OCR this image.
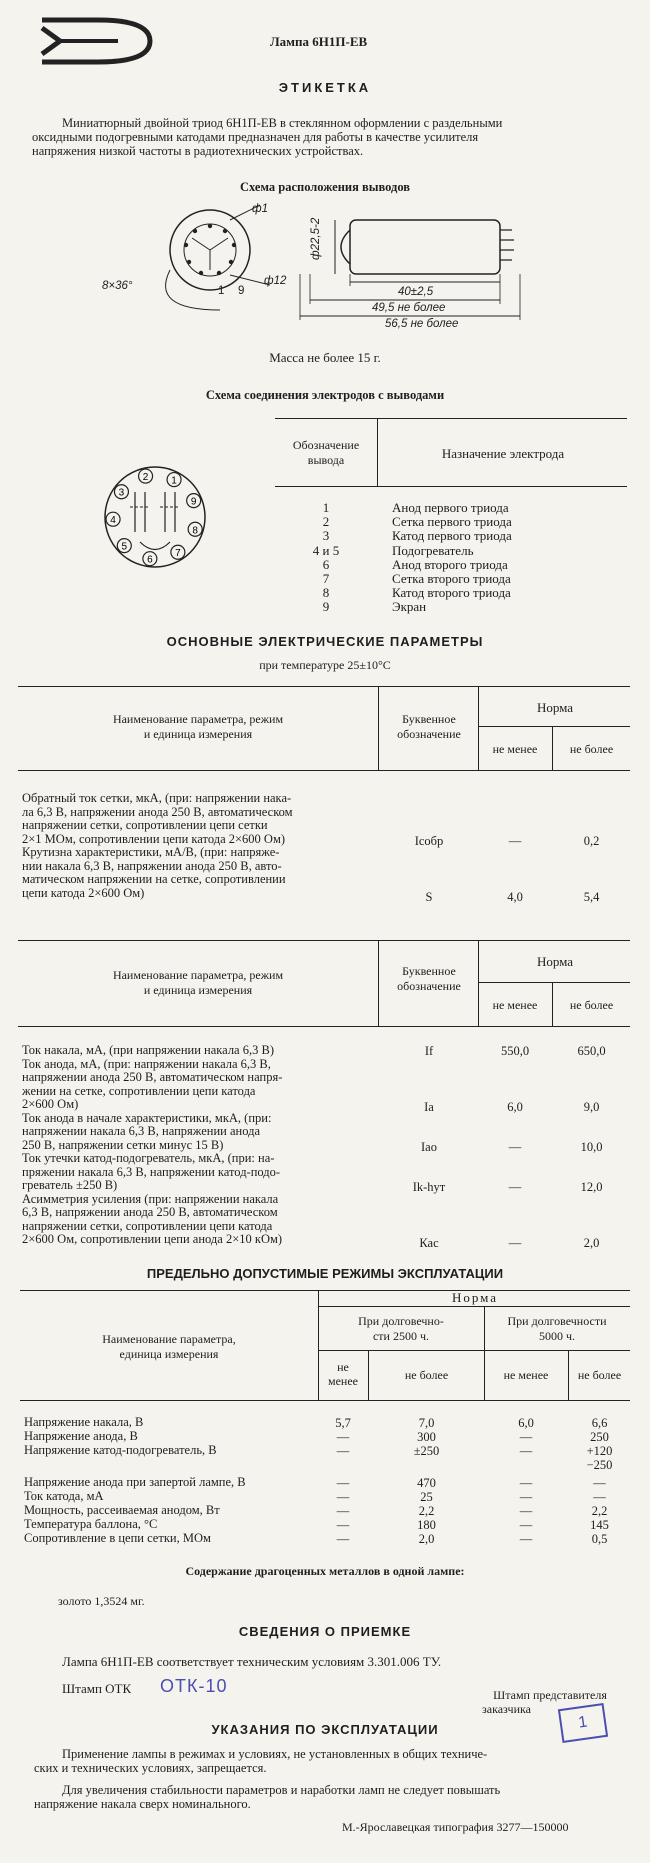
Лампа 6Н1П-ЕВ
ЭТИКЕТКА
Миниатюрный двойной триод 6Н1П-ЕВ в стеклянном оформлении с раздельными
оксидными подогревными катодами предназначен для работы в качестве усилителя
напряжения низкой частоты в радиотехнических устройствах.
Схема расположения выводов
ф1
ф12
8×36°	9
1
ф22,5-2
40±2,5
49,5 не более
56,5 не более
Масса не более 15 г.
Схема соединения электродов с выводами
Обозначение
вывода	Назначение электрода
1	Анод первого триода
2	Сетка первого триода
3	Катод первого триода
4 и 5	Подогреватель
6	Анод второго триода
7	Сетка второго триода
8	Катод второго триода
9	Экран
1
2
3
4
5
6
7
8
9
ОСНОВНЫЕ ЭЛЕКТРИЧЕСКИЕ ПАРАМЕТРЫ
при температуре 25±10°С
Наименование параметра, режим
и единица измерения
Буквенное
обозначение
Норма
не менее	не более
Обратный ток сетки, мкА, (при: напряжении нака-
ла 6,3 В, напряжении анода 250 В, автоматическом
напряжении сетки, сопротивлении цепи сетки
2×1 МОм, сопротивлении цепи катода 2×600 Ом)
Крутизна характеристики, мА/В, (при: напряже-
нии накала 6,3 В, напряжении анода 250 В, авто-
матическом напряжении на сетке, сопротивлении
цепи катода 2×600 Ом)
Iсобр	—	0,2
S	4,0	5,4
Наименование параметра, режим
и единица измерения
Буквенное
обозначение
Норма
не менее	не более
Ток накала, мА, (при напряжении накала 6,3 В)
Ток анода, мА, (при: напряжении накала 6,3 В,
напряжении анода 250 В, автоматическом напря-
жении на сетке, сопротивлении цепи катода
2×600 Ом)
Ток анода в начале характеристики, мкА, (при:
напряжении накала 6,3 В, напряжении анода
250 В, напряжении сетки минус 15 В)
Ток утечки катод-подогреватель, мкА, (при: на-
пряжении накала 6,3 В, напряжении катод-подо-
греватель ±250 В)
Асимметрия усиления (при: напряжении накала
6,3 В, напряжении анода 250 В, автоматическом
напряжении сетки, сопротивлении цепи катода
2×600 Ом, сопротивлении цепи анода 2×10 кОм)
If	550,0	650,0
Ia	6,0	9,0
Iaо	—	10,0
Ik-hyт	—	12,0
Кас	—	2,0
ПРЕДЕЛЬНО ДОПУСТИМЫЕ РЕЖИМЫ ЭКСПЛУАТАЦИИ
Наименование параметра,
единица измерения
Норма
При долговечно-
сти 2500 ч.
При долговечности
5000 ч.
не
менее	не более	не менее	не более
Напряжение накала, В	5,7	7,0	6,0	6,6
Напряжение анода, В	—	300	—	250
Напряжение катод-подогреватель, В	—	±250	—	+120
−250
Напряжение анода при запертой лампе, В	—	470	—	—
Ток катода, мА	—	25	—	—
Мощность, рассеиваемая анодом, Вт	—	2,2	—	2,2
Температура баллона, °С	—	180	—	145
Сопротивление в цепи сетки, МОм	—	2,0	—	0,5
Содержание драгоценных металлов в одной лампе:
золото 1,3524 мг.
СВЕДЕНИЯ О ПРИЕМКЕ
Лампа 6Н1П-ЕВ соответствует техническим условиям 3.301.006 ТУ.
Штамп ОТК ОТК-10	Штамп представителя
заказчика
1
УКАЗАНИЯ ПО ЭКСПЛУАТАЦИИ
Применение лампы в режимах и условиях, не установленных в общих техниче-
ских и технических условиях, запрещается.
Для увеличения стабильности параметров и наработки ламп не следует повышать
напряжение накала сверх номинального.
М.-Ярославецкая типография 3277—150000
